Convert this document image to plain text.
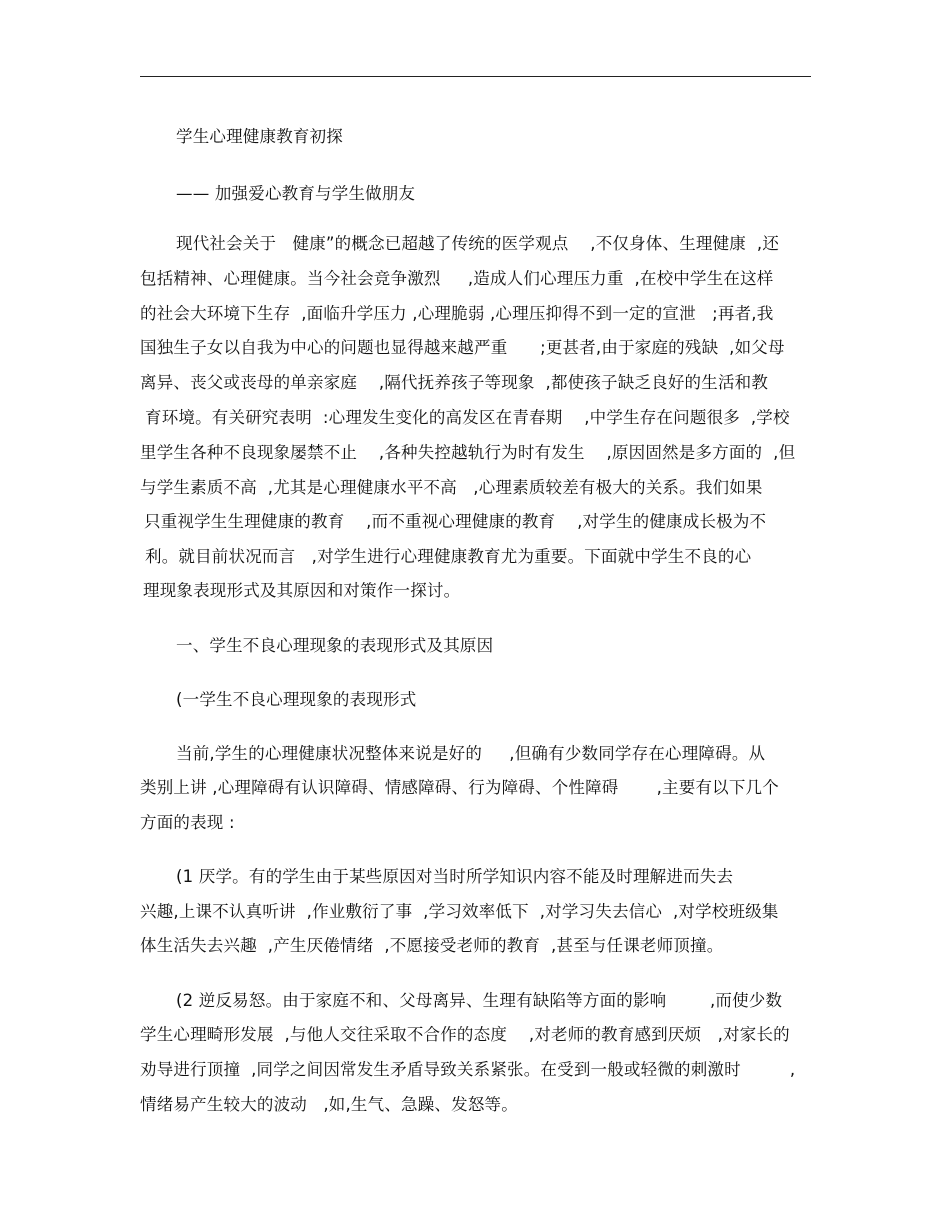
学生心理健康教育初探
—— 加强爱心教育与学生做朋友
现代社会关于   健康”的概念已超越了传统的医学观点    ,不仅身体、生理健康  ,还
包括精神、心理健康。当今社会竞争激烈     ,造成人们心理压力重  ,在校中学生在这样
的社会大环境下生存  ,面临升学压力 ,心理脆弱 ,心理压抑得不到一定的宣泄   ;再者,我
国独生子女以自我为中心的问题也显得越来越严重      ;更甚者,由于家庭的残缺  ,如父母
离异、丧父或丧母的单亲家庭    ,隔代抚养孩子等现象  ,都使孩子缺乏良好的生活和教
育环境。有关研究表明  :心理发生变化的高发区在青春期    ,中学生存在问题很多  ,学校
里学生各种不良现象屡禁不止    ,各种失控越轨行为时有发生    ,原因固然是多方面的  ,但
与学生素质不高  ,尤其是心理健康水平不高   ,心理素质较差有极大的关系。我们如果
只重视学生生理健康的教育    ,而不重视心理健康的教育    ,对学生的健康成长极为不
利。就目前状况而言   ,对学生进行心理健康教育尤为重要。下面就中学生不良的心
理现象表现形式及其原因和对策作一探讨。
一、学生不良心理现象的表现形式及其原因
(一学生不良心理现象的表现形式
当前,学生的心理健康状况整体来说是好的     ,但确有少数同学存在心理障碍。从
类别上讲 ,心理障碍有认识障碍、情感障碍、行为障碍、个性障碍       ,主要有以下几个
方面的表现 :
(1 厌学。有的学生由于某些原因对当时所学知识内容不能及时理解进而失去
兴趣,上课不认真听讲  ,作业敷衍了事  ,学习效率低下  ,对学习失去信心  ,对学校班级集
体生活失去兴趣  ,产生厌倦情绪  ,不愿接受老师的教育  ,甚至与任课老师顶撞。
(2 逆反易怒。由于家庭不和、父母离异、生理有缺陷等方面的影响        ,而使少数
学生心理畸形发展  ,与他人交往采取不合作的态度    ,对老师的教育感到厌烦   ,对家长的
劝导进行顶撞  ,同学之间因常发生矛盾导致关系紧张。在受到一般或轻微的刺激时         ,
情绪易产生较大的波动   ,如,生气、急躁、发怒等。
